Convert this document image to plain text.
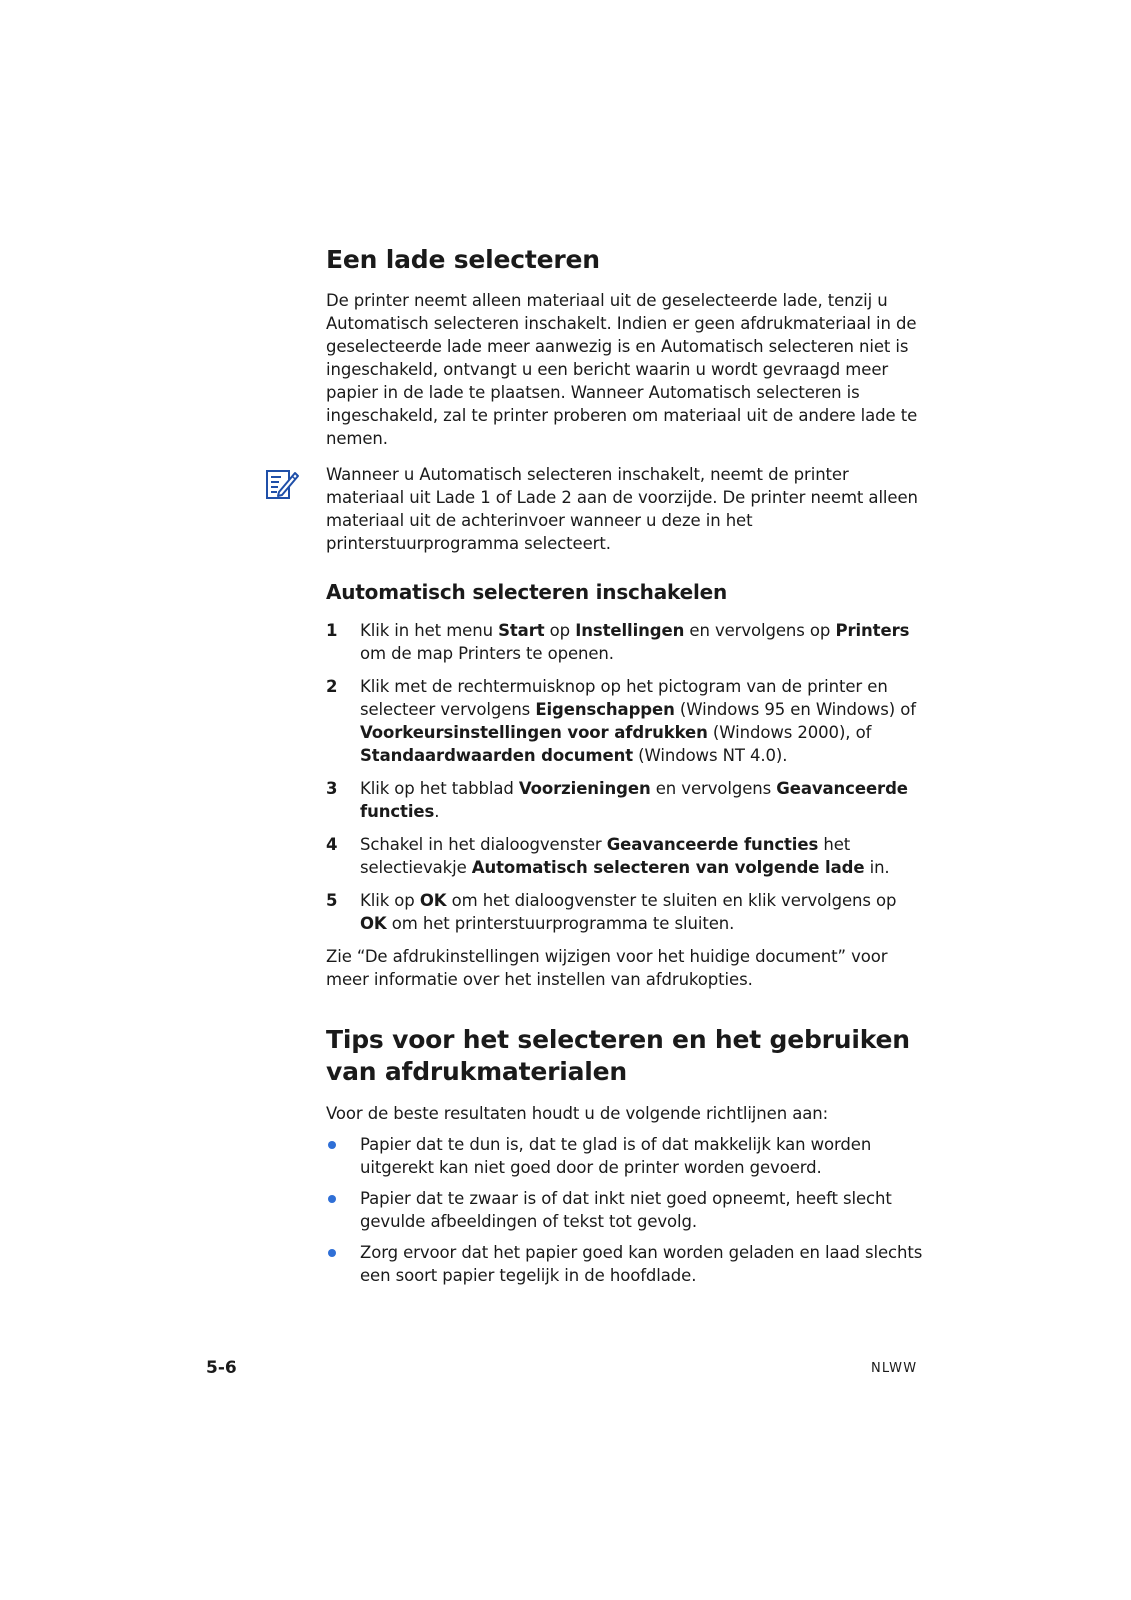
Een lade selecteren

De printer neemt alleen materiaal uit de geselecteerde lade, tenzij u Automatisch selecteren inschakelt. Indien er geen afdrukmateriaal in de geselecteerde lade meer aanwezig is en Automatisch selecteren niet is ingeschakeld, ontvangt u een bericht waarin u wordt gevraagd meer papier in de lade te plaatsen. Wanneer Automatisch selecteren is ingeschakeld, zal te printer proberen om materiaal uit de andere lade te nemen.

Wanneer u Automatisch selecteren inschakelt, neemt de printer materiaal uit Lade 1 of Lade 2 aan de voorzijde. De printer neemt alleen materiaal uit de achterinvoer wanneer u deze in het printerstuurprogramma selecteert.

Automatisch selecteren inschakelen
1 Klik in het menu Start op Instellingen en vervolgens op Printers om de map Printers te openen.
2 Klik met de rechtermuisknop op het pictogram van de printer en selecteer vervolgens Eigenschappen (Windows 95 en Windows) of Voorkeursinstellingen voor afdrukken (Windows 2000), of Standaardwaarden document (Windows NT 4.0).
3 Klik op het tabblad Voorzieningen en vervolgens Geavanceerde functies.
4 Schakel in het dialoogvenster Geavanceerde functies het selectievakje Automatisch selecteren van volgende lade in.
5 Klik op OK om het dialoogvenster te sluiten en klik vervolgens op OK om het printerstuurprogramma te sluiten.

Zie “De afdrukinstellingen wijzigen voor het huidige document” voor meer informatie over het instellen van afdrukopties.

Tips voor het selecteren en het gebruiken van afdrukmaterialen

Voor de beste resultaten houdt u de volgende richtlijnen aan:

Papier dat te dun is, dat te glad is of dat makkelijk kan worden uitgerekt kan niet goed door de printer worden gevoerd.
Papier dat te zwaar is of dat inkt niet goed opneemt, heeft slecht gevulde afbeeldingen of tekst tot gevolg.
Zorg ervoor dat het papier goed kan worden geladen en laad slechts een soort papier tegelijk in de hoofdlade.
5-6	NLWW
